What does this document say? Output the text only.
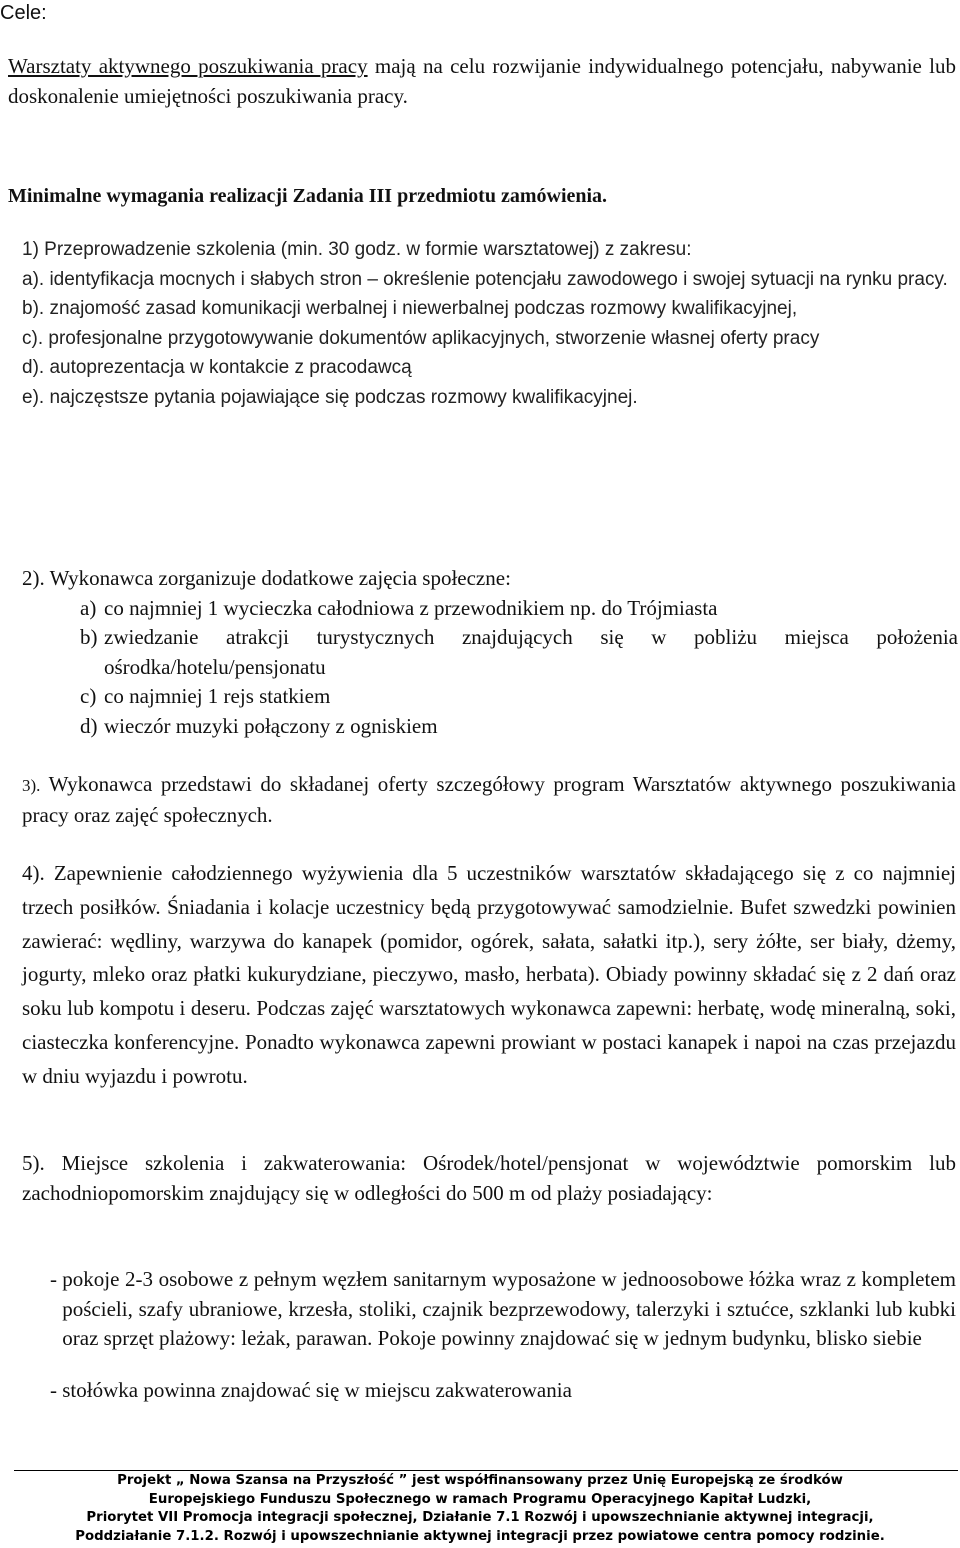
Cele:

Warsztaty aktywnego poszukiwania pracy mają na celu rozwijanie indywidualnego potencjału, nabywanie lub doskonalenie umiejętności poszukiwania pracy.

Minimalne wymagania realizacji Zadania III przedmiotu zamówienia.

1) Przeprowadzenie szkolenia (min. 30 godz. w formie warsztatowej) z zakresu:
a). identyfikacja mocnych i słabych stron – określenie potencjału zawodowego i swojej sytuacji na rynku pracy.
b). znajomość zasad komunikacji werbalnej i niewerbalnej podczas rozmowy kwalifikacyjnej,
c). profesjonalne przygotowywanie dokumentów aplikacyjnych, stworzenie własnej oferty pracy
d). autoprezentacja w kontakcie z pracodawcą
e). najczęstsze pytania pojawiające się podczas rozmowy kwalifikacyjnej.
2). Wykonawca zorganizuje dodatkowe zajęcia społeczne:
a) co najmniej 1 wycieczka całodniowa z przewodnikiem np. do Trójmiasta
b) zwiedzanie atrakcji turystycznych znajdujących się w pobliżu miejsca położenia ośrodka/hotelu/pensjonatu
c) co najmniej 1 rejs statkiem
d) wieczór muzyki połączony z ogniskiem

3). Wykonawca przedstawi do składanej oferty szczegółowy program Warsztatów aktywnego poszukiwania pracy oraz zajęć społecznych.

4). Zapewnienie całodziennego wyżywienia dla 5 uczestników warsztatów składającego się z co najmniej trzech posiłków. Śniadania i kolacje uczestnicy będą przygotowywać samodzielnie. Bufet szwedzki powinien zawierać: wędliny, warzywa do kanapek (pomidor, ogórek, sałata, sałatki itp.), sery żółte, ser biały, dżemy, jogurty, mleko oraz płatki kukurydziane, pieczywo, masło, herbata). Obiady powinny składać się z 2 dań oraz soku lub kompotu i deseru. Podczas zajęć warsztatowych wykonawca zapewni: herbatę, wodę mineralną, soki, ciasteczka konferencyjne. Ponadto wykonawca zapewni prowiant w postaci kanapek i napoi na czas przejazdu w dniu wyjazdu i powrotu.

5). Miejsce szkolenia i zakwaterowania: Ośrodek/hotel/pensjonat w województwie pomorskim lub zachodniopomorskim znajdujący się w odległości do 500 m od plaży posiadający:

- pokoje 2-3 osobowe z pełnym węzłem sanitarnym wyposażone w jednoosobowe łóżka wraz z kompletem pościeli, szafy ubraniowe, krzesła, stoliki, czajnik bezprzewodowy, talerzyki i sztućce, szklanki lub kubki oraz sprzęt plażowy: leżak, parawan. Pokoje powinny znajdować się w jednym budynku, blisko siebie
- stołówka powinna znajdować się w miejscu zakwaterowania
Projekt „ Nowa Szansa na Przyszłość ” jest współfinansowany przez Unię Europejską ze środków
Europejskiego Funduszu Społecznego w ramach Programu Operacyjnego Kapitał Ludzki,
Priorytet VII Promocja integracji społecznej, Działanie 7.1 Rozwój i upowszechnianie aktywnej integracji,
Poddziałanie 7.1.2. Rozwój i upowszechnianie aktywnej integracji przez powiatowe centra pomocy rodzinie.
